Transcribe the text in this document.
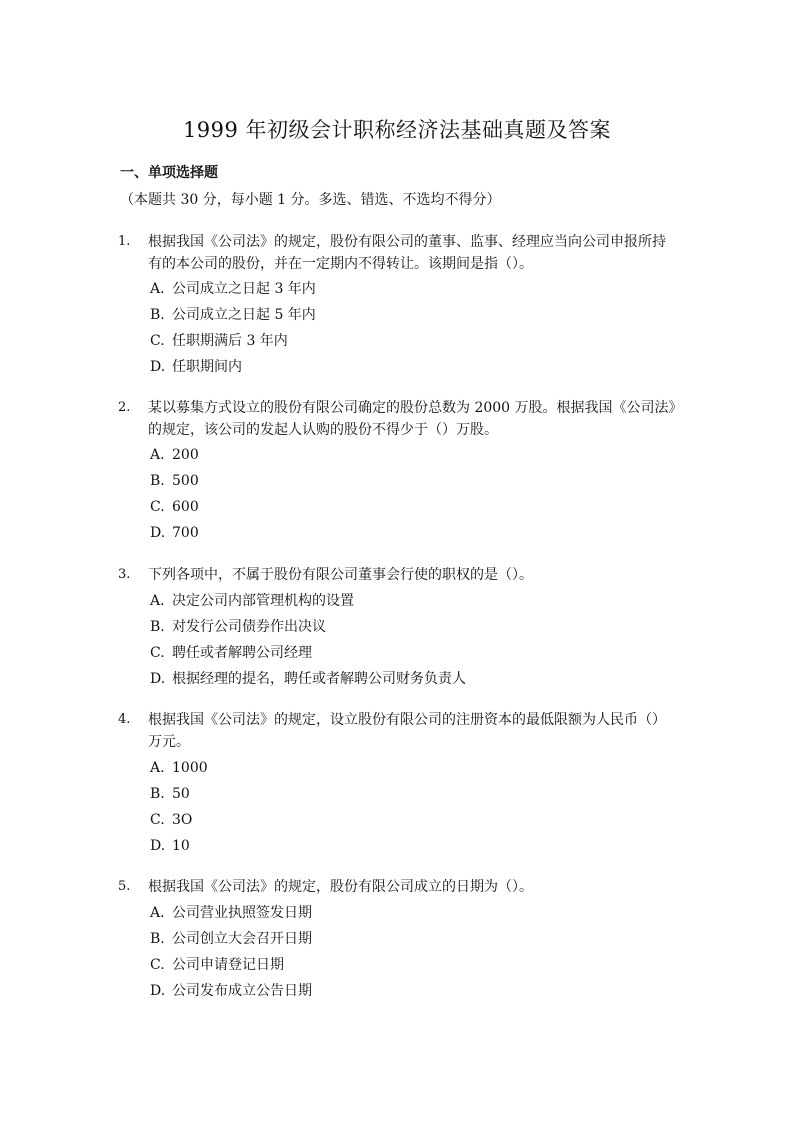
1999 年初级会计职称经济法基础真题及答案
一、单项选择题
（本题共 30 分，每小题 1 分。多选、错选、不选均不得分）
1. 根据我国《公司法》的规定，股份有限公司的董事、监事、经理应当向公司申报所持有的本公司的股份，并在一定期内不得转让。该期间是指（）。
A. 公司成立之日起 3 年内
B. 公司成立之日起 5 年内
C. 任职期满后 3 年内
D. 任职期间内
2. 某以募集方式设立的股份有限公司确定的股份总数为 2000 万股。根据我国《公司法》的规定，该公司的发起人认购的股份不得少于（）万股。
A. 200
B. 500
C. 600
D. 700
3. 下列各项中，不属于股份有限公司董事会行使的职权的是（）。
A. 决定公司内部管理机构的设置
B. 对发行公司债券作出决议
C. 聘任或者解聘公司经理
D. 根据经理的提名，聘任或者解聘公司财务负责人
4. 根据我国《公司法》的规定，设立股份有限公司的注册资本的最低限额为人民币（）万元。
A. 1000
B. 50
C. 3O
D. 10
5. 根据我国《公司法》的规定，股份有限公司成立的日期为（）。
A. 公司营业执照签发日期
B. 公司创立大会召开日期
C. 公司申请登记日期
D. 公司发布成立公告日期
